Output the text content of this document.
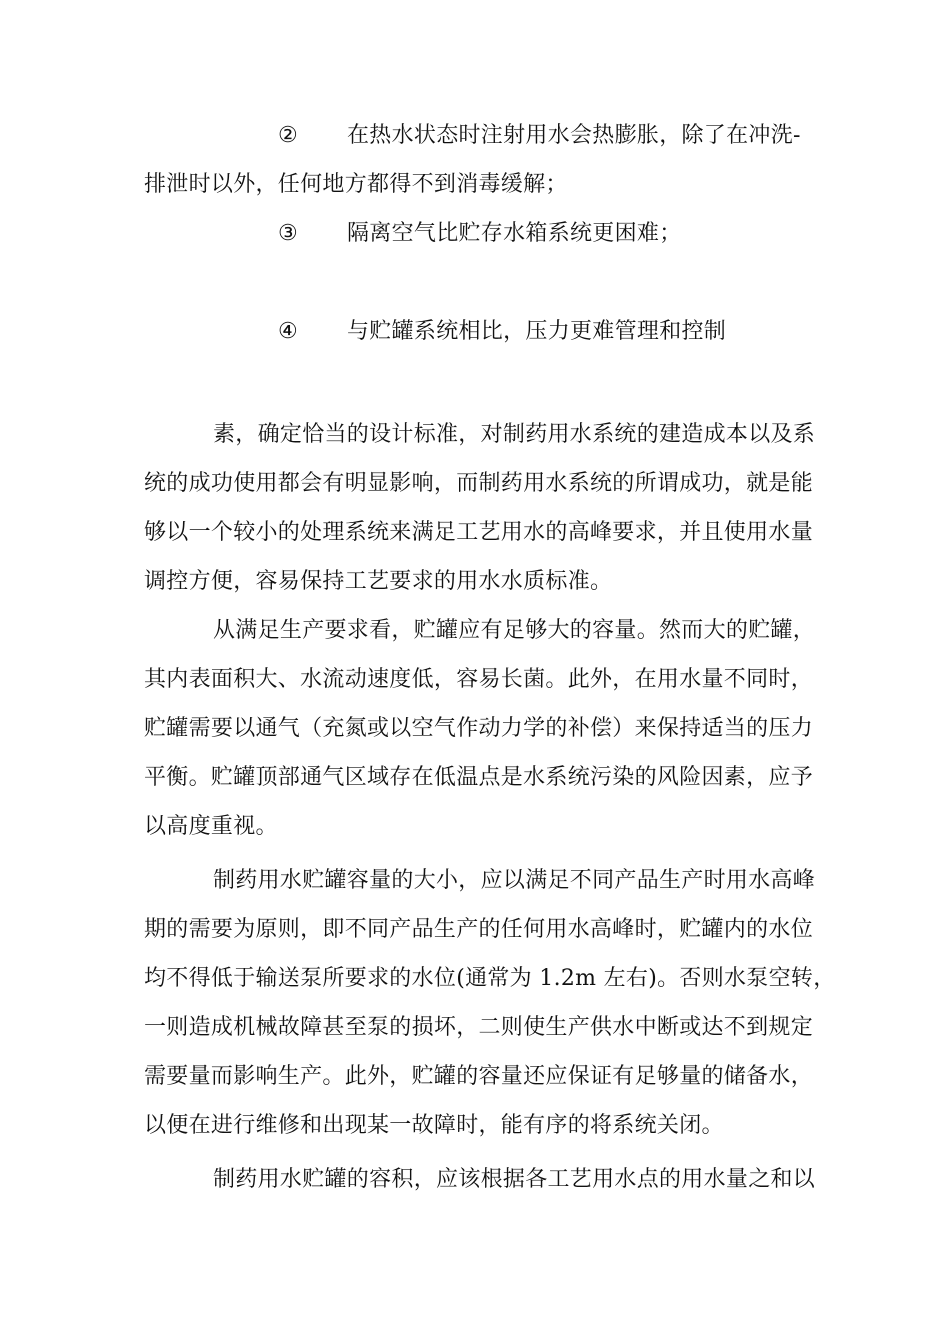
② 在热水状态时注射用水会热膨胀，除了在冲洗-
排泄时以外，任何地方都得不到消毒缓解；
③ 隔离空气比贮存水箱系统更困难；
④ 与贮罐系统相比，压力更难管理和控制
素，确定恰当的设计标准，对制药用水系统的建造成本以及系
统的成功使用都会有明显影响，而制药用水系统的所谓成功，就是能
够以一个较小的处理系统来满足工艺用水的高峰要求，并且使用水量
调控方便，容易保持工艺要求的用水水质标准。
从满足生产要求看，贮罐应有足够大的容量。然而大的贮罐，
其内表面积大、水流动速度低，容易长菌。此外，在用水量不同时，
贮罐需要以通气（充氮或以空气作动力学的补偿）来保持适当的压力
平衡。贮罐顶部通气区域存在低温点是水系统污染的风险因素，应予
以高度重视。
制药用水贮罐容量的大小，应以满足不同产品生产时用水高峰
期的需要为原则，即不同产品生产的任何用水高峰时，贮罐内的水位
均不得低于输送泵所要求的水位(通常为 1.2m 左右)。否则水泵空转，
一则造成机械故障甚至泵的损坏，二则使生产供水中断或达不到规定
需要量而影响生产。此外，贮罐的容量还应保证有足够量的储备水，
以便在进行维修和出现某一故障时，能有序的将系统关闭。
制药用水贮罐的容积，应该根据各工艺用水点的用水量之和以
